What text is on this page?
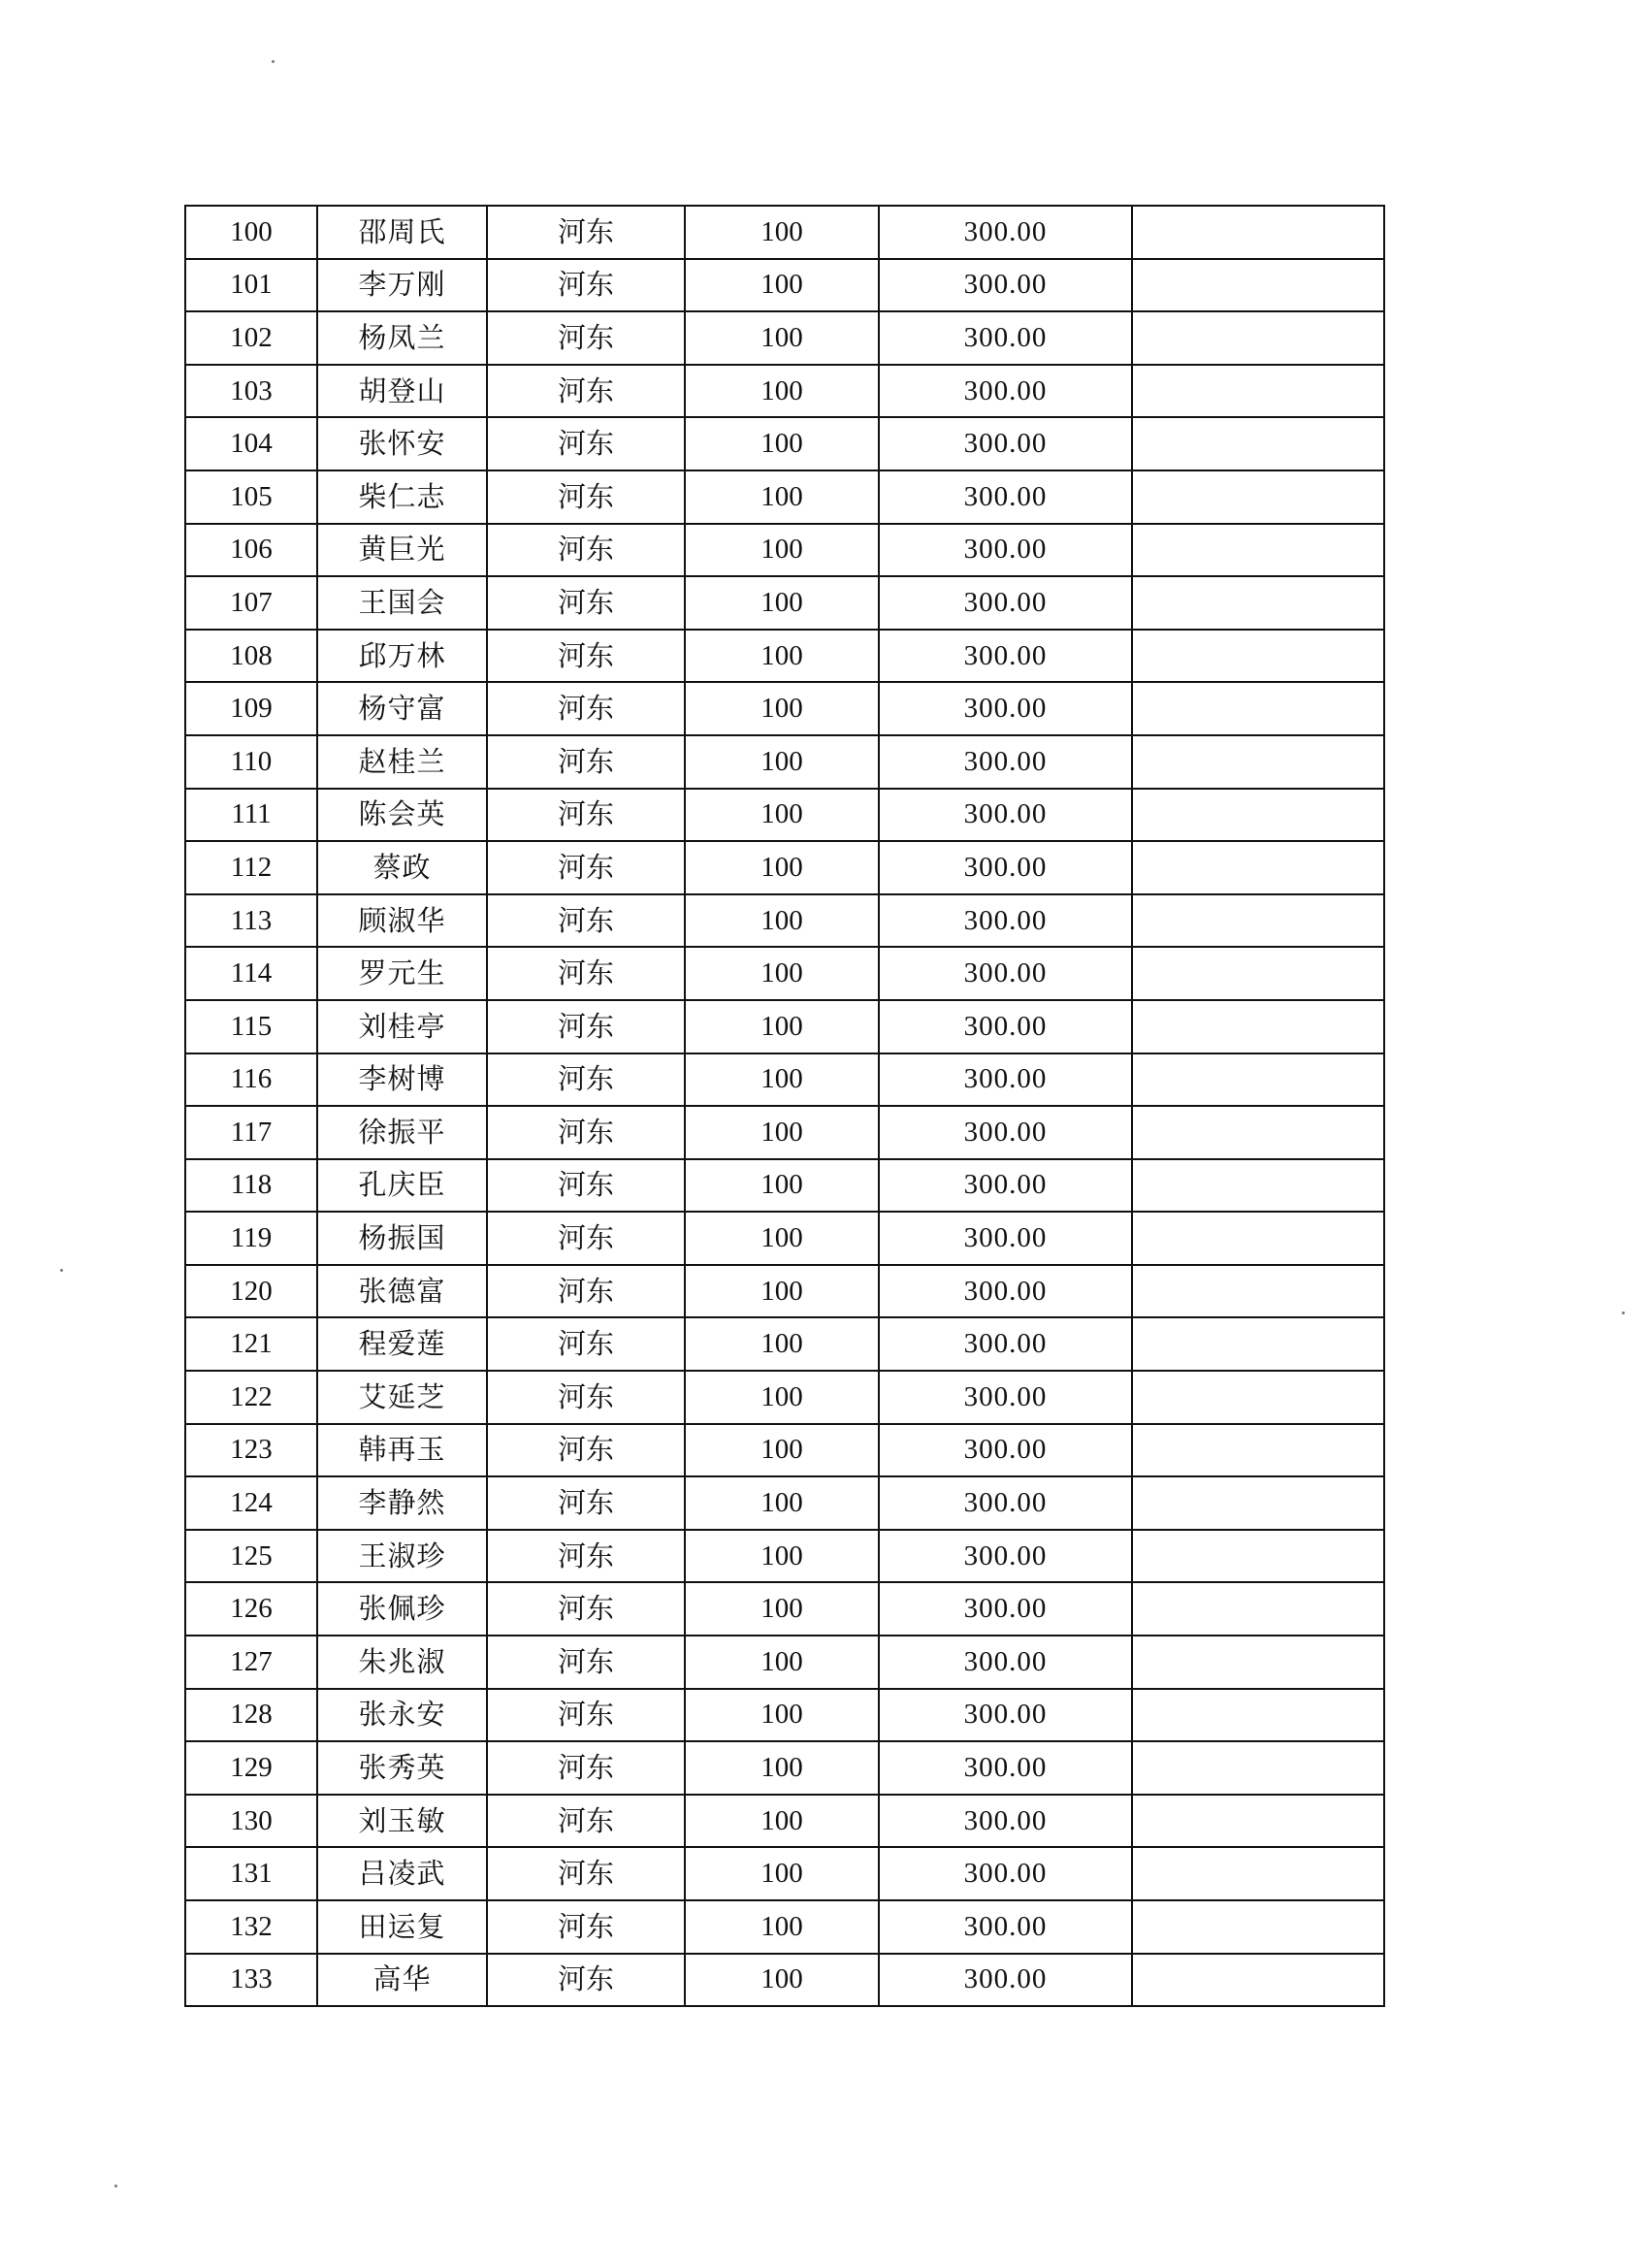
100	邵周氏	河东	100	300.00	
101	李万刚	河东	100	300.00	
102	杨凤兰	河东	100	300.00	
103	胡登山	河东	100	300.00	
104	张怀安	河东	100	300.00	
105	柴仁志	河东	100	300.00	
106	黄巨光	河东	100	300.00	
107	王国会	河东	100	300.00	
108	邱万林	河东	100	300.00	
109	杨守富	河东	100	300.00	
110	赵桂兰	河东	100	300.00	
111	陈会英	河东	100	300.00	
112	蔡政	河东	100	300.00	
113	顾淑华	河东	100	300.00	
114	罗元生	河东	100	300.00	
115	刘桂亭	河东	100	300.00	
116	李树博	河东	100	300.00	
117	徐振平	河东	100	300.00	
118	孔庆臣	河东	100	300.00	
119	杨振国	河东	100	300.00	
120	张德富	河东	100	300.00	
121	程爱莲	河东	100	300.00	
122	艾延芝	河东	100	300.00	
123	韩再玉	河东	100	300.00	
124	李静然	河东	100	300.00	
125	王淑珍	河东	100	300.00	
126	张佩珍	河东	100	300.00	
127	朱兆淑	河东	100	300.00	
128	张永安	河东	100	300.00	
129	张秀英	河东	100	300.00	
130	刘玉敏	河东	100	300.00	
131	吕凌武	河东	100	300.00	
132	田运复	河东	100	300.00	
133	高华	河东	100	300.00	
